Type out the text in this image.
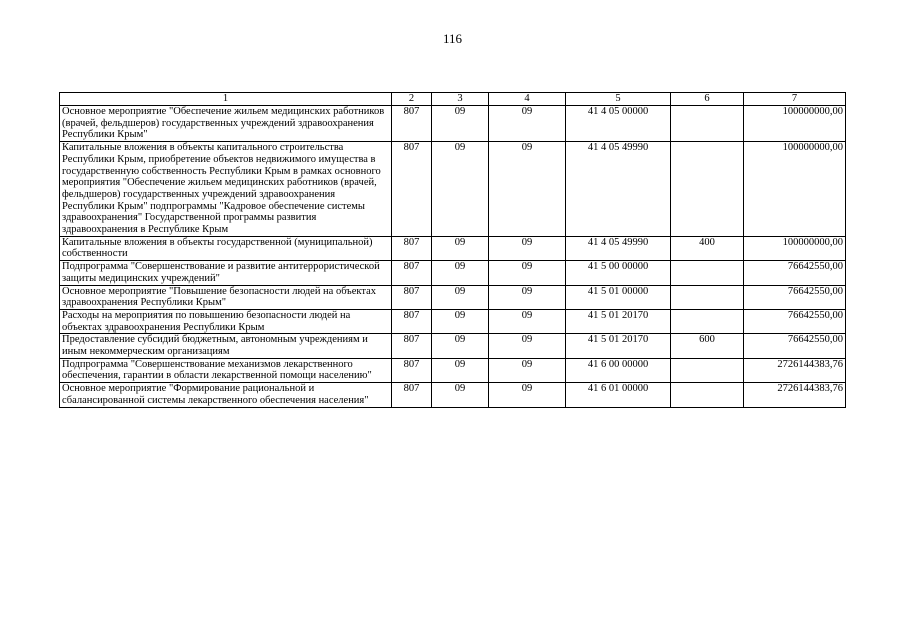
116
1	2	3	4	5	6	7
Основное мероприятие "Обеспечение жильем медицинских работников (врачей, фельдшеров) государственных учреждений здравоохранения Республики Крым"	807	09	09	41 4 05 00000		100000000,00
Капитальные вложения в объекты капитального строительства Республики Крым, приобретение объектов недвижимого имущества в государственную собственность Республики Крым в рамках основного мероприятия "Обеспечение жильем медицинских работников (врачей, фельдшеров) государственных учреждений здравоохранения Республики Крым" подпрограммы "Кадровое обеспечение системы здравоохранения" Государственной программы развития здравоохранения в Республике Крым	807	09	09	41 4 05 49990		100000000,00
Капитальные вложения в объекты государственной (муниципальной) собственности	807	09	09	41 4 05 49990	400	100000000,00
Подпрограмма "Совершенствование и развитие антитеррористической защиты медицинских учреждений"	807	09	09	41 5 00 00000		76642550,00
Основное мероприятие "Повышение безопасности людей на объектах здравоохранения Республики Крым"	807	09	09	41 5 01 00000		76642550,00
Расходы на мероприятия по повышению безопасности людей на объектах здравоохранения Республики Крым	807	09	09	41 5 01 20170		76642550,00
Предоставление субсидий бюджетным, автономным учреждениям и иным некоммерческим организациям	807	09	09	41 5 01 20170	600	76642550,00
Подпрограмма "Совершенствование механизмов лекарственного обеспечения, гарантии в области лекарственной помощи населению"	807	09	09	41 6 00 00000		2726144383,76
Основное мероприятие "Формирование рациональной и сбалансированной системы лекарственного обеспечения населения"	807	09	09	41 6 01 00000		2726144383,76
